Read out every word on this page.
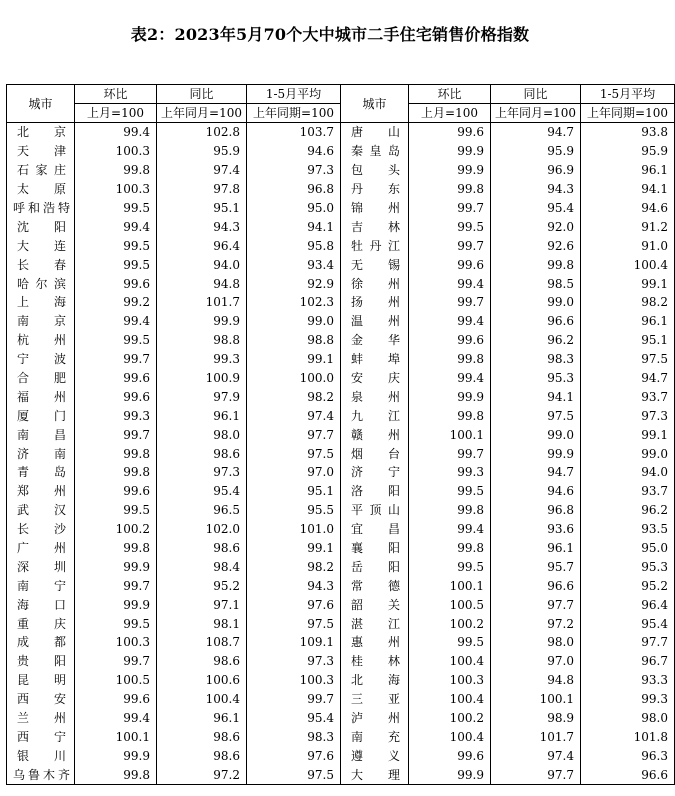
表2：2023年5月70个大中城市二手住宅销售价格指数
城市	环比	同比	1-5月平均	城市	环比	同比	1-5月平均
	上月=100	上年同月=100	上年同期=100		上月=100	上年同月=100	上年同期=100

北　京	99.4	102.8	103.7	唐　山	99.6	94.7	93.8

天　津	100.3	95.9	94.6	秦皇岛	99.9	95.9	95.9

石家庄	99.8	97.4	97.3	包　头	99.9	96.9	96.1

太　原	100.3	97.8	96.8	丹　东	99.8	94.3	94.1

呼和浩特	99.5	95.1	95.0	锦　州	99.7	95.4	94.6

沈　阳	99.4	94.3	94.1	吉　林	99.5	92.0	91.2

大　连	99.5	96.4	95.8	牡丹江	99.7	92.6	91.0

长　春	99.5	94.0	93.4	无　锡	99.6	99.8	100.4

哈尔滨	99.6	94.8	92.9	徐　州	99.4	98.5	99.1

上　海	99.2	101.7	102.3	扬　州	99.7	99.0	98.2

南　京	99.4	99.9	99.0	温　州	99.4	96.6	96.1

杭　州	99.5	98.8	98.8	金　华	99.6	96.2	95.1

宁　波	99.7	99.3	99.1	蚌　埠	99.8	98.3	97.5

合　肥	99.6	100.9	100.0	安　庆	99.4	95.3	94.7

福　州	99.6	97.9	98.2	泉　州	99.9	94.1	93.7

厦　门	99.3	96.1	97.4	九　江	99.8	97.5	97.3

南　昌	99.7	98.0	97.7	赣　州	100.1	99.0	99.1

济　南	99.8	98.6	97.5	烟　台	99.7	99.9	99.0

青　岛	99.8	97.3	97.0	济　宁	99.3	94.7	94.0

郑　州	99.6	95.4	95.1	洛　阳	99.5	94.6	93.7

武　汉	99.5	96.5	95.5	平顶山	99.8	96.8	96.2

长　沙	100.2	102.0	101.0	宜　昌	99.4	93.6	93.5

广　州	99.8	98.6	99.1	襄　阳	99.8	96.1	95.0

深　圳	99.9	98.4	98.2	岳　阳	99.5	95.7	95.3

南　宁	99.7	95.2	94.3	常　德	100.1	96.6	95.2

海　口	99.9	97.1	97.6	韶　关	100.5	97.7	96.4

重　庆	99.5	98.1	97.5	湛　江	100.2	97.2	95.4

成　都	100.3	108.7	109.1	惠　州	99.5	98.0	97.7

贵　阳	99.7	98.6	97.3	桂　林	100.4	97.0	96.7

昆　明	100.5	100.6	100.3	北　海	100.3	94.8	93.3

西　安	99.6	100.4	99.7	三　亚	100.4	100.1	99.3

兰　州	99.4	96.1	95.4	泸　州	100.2	98.9	98.0

西　宁	100.1	98.6	98.3	南　充	100.4	101.7	101.8

银　川	99.9	98.6	97.6	遵　义	99.6	97.4	96.3

乌鲁木齐	99.8	97.2	97.5	大　理	99.9	97.7	96.6
